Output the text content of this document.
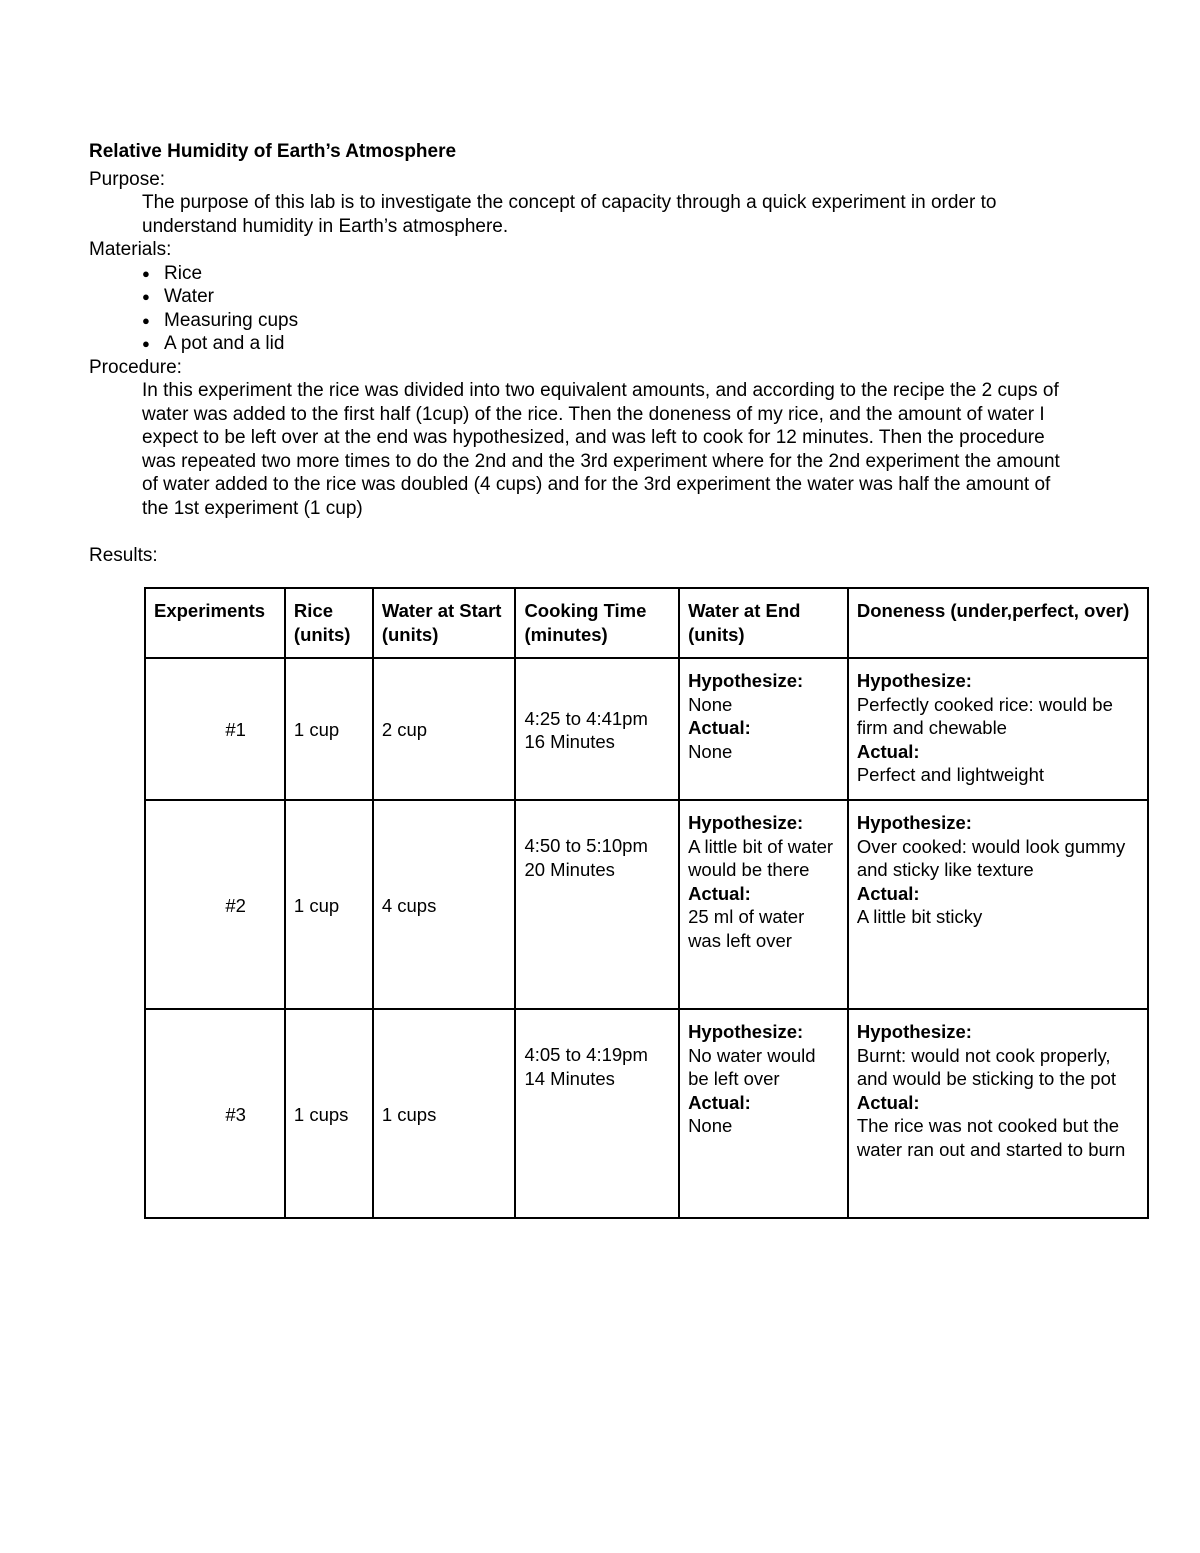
Relative Humidity of Earth’s Atmosphere
Purpose:
The purpose of this lab is to investigate the concept of capacity through a quick experiment in order to understand humidity in Earth’s atmosphere.
Materials:
● Rice
● Water
● Measuring cups
● A pot and a lid
Procedure:
In this experiment the rice was divided into two equivalent amounts, and according to the recipe the 2 cups of water was added to the first half (1cup) of the rice. Then the doneness of my rice, and the amount of water I expect to be left over at the end was hypothesized, and was left to cook for 12 minutes. Then the procedure was repeated two more times to do the 2nd and the 3rd experiment where for the 2nd experiment the amount of water added to the rice was doubled (4 cups) and for the 3rd experiment the water was half the amount of the 1st experiment (1 cup)
Results:
Experiments	Rice (units)	Water at Start (units)	Cooking Time (minutes)	Water at End (units)	Doneness (under,perfect, over)
#1	1 cup	2 cup	4:25 to 4:41pm
16 Minutes	Hypothesize:
None
Actual:
None	Hypothesize:
Perfectly cooked rice: would be firm and chewable
Actual:
Perfect and lightweight

#2	1 cup	4 cups	4:50 to 5:10pm
20 Minutes	Hypothesize:
A little bit of water would be there
Actual:
25 ml of water was left over	Hypothesize:
Over cooked: would look gummy and sticky like texture
Actual:
A little bit sticky

#3	1 cups	1 cups	4:05 to 4:19pm
14 Minutes	Hypothesize:
No water would be left over
Actual:
None	Hypothesize:
Burnt: would not cook properly, and would be sticking to the pot
Actual:
The rice was not cooked but the water ran out and started to burn
